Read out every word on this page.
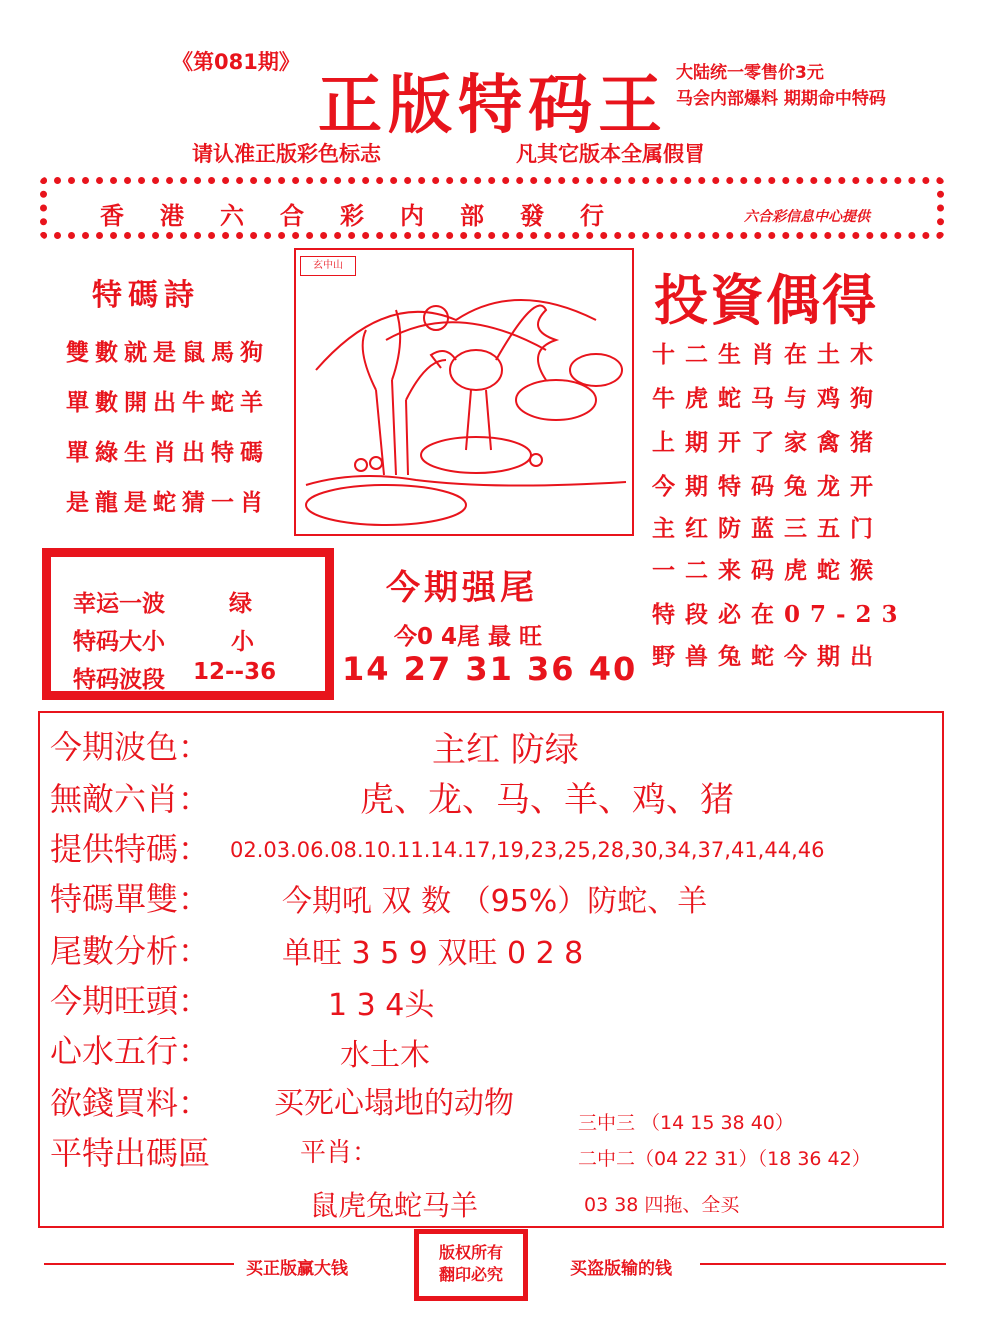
《第081期》
正版特码王 大陆统一零售价3元
马会内部爆料 期期命中特码
请认准正版彩色标志	凡其它版本全属假冒
香港六合彩内部發行	六合彩信息中心提供
特碼詩
雙數就是鼠馬狗
單數開出牛蛇羊
單綠生肖出特碼
是龍是蛇猜一肖
玄中山
投資偶得
十二生肖在土木
牛虎蛇马与鸡狗
上期开了家禽猪
今期特码兔龙开
主红防蓝三五门
一二来码虎蛇猴
特段必在07-23
野兽兔蛇今期出
幸运一波	绿
特码大小	小
特码波段 12--36
今期强尾
今0 4尾 最 旺
14 27 31 36 40
今期波色：	主红 防绿
無敵六肖：	虎、龙、马、羊、鸡、猪
提供特碼： 02.03.06.08.10.11.14.17,19,23,25,28,30,34,37,41,44,46
特碼單雙： 今期吼 双 数 （95%）防蛇、羊
尾數分析： 单旺 3 5 9 双旺 0 2 8
今期旺頭：	1 3 4头
心水五行：	水土木
欲錢買料： 买死心塌地的动物
平特出碼區	平肖：
三中三 （14 15 38 40）
二中二（04 22 31）（18 36 42）
鼠虎兔蛇马羊	03 38 四拖、全买
买正版赢大钱
版权所有
翻印必究	买盗版输的钱
